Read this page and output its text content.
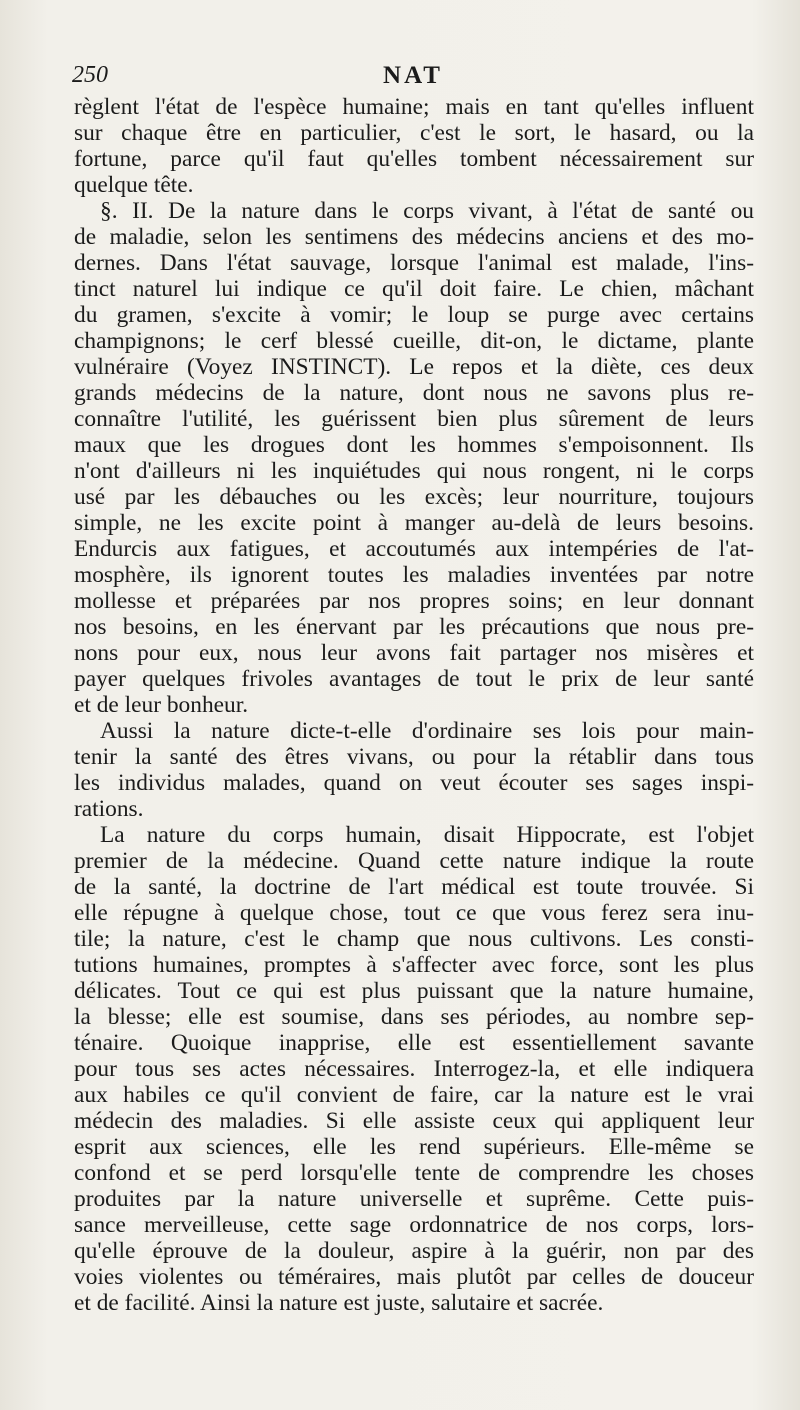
250	NAT
règlent l'état de l'espèce humaine; mais en tant qu'elles influent
sur chaque être en particulier, c'est le sort, le hasard, ou la
fortune, parce qu'il faut qu'elles tombent nécessairement sur
quelque tête.
§. II. De la nature dans le corps vivant, à l'état de santé ou
de maladie, selon les sentimens des médecins anciens et des mo-
dernes. Dans l'état sauvage, lorsque l'animal est malade, l'ins-
tinct naturel lui indique ce qu'il doit faire. Le chien, mâchant
du gramen, s'excite à vomir; le loup se purge avec certains
champignons; le cerf blessé cueille, dit-on, le dictame, plante
vulnéraire (Voyez INSTINCT). Le repos et la diète, ces deux
grands médecins de la nature, dont nous ne savons plus re-
connaître l'utilité, les guérissent bien plus sûrement de leurs
maux que les drogues dont les hommes s'empoisonnent. Ils
n'ont d'ailleurs ni les inquiétudes qui nous rongent, ni le corps
usé par les débauches ou les excès; leur nourriture, toujours
simple, ne les excite point à manger au-delà de leurs besoins.
Endurcis aux fatigues, et accoutumés aux intempéries de l'at-
mosphère, ils ignorent toutes les maladies inventées par notre
mollesse et préparées par nos propres soins; en leur donnant
nos besoins, en les énervant par les précautions que nous pre-
nons pour eux, nous leur avons fait partager nos misères et
payer quelques frivoles avantages de tout le prix de leur santé
et de leur bonheur.
Aussi la nature dicte-t-elle d'ordinaire ses lois pour main-
tenir la santé des êtres vivans, ou pour la rétablir dans tous
les individus malades, quand on veut écouter ses sages inspi-
rations.
La nature du corps humain, disait Hippocrate, est l'objet
premier de la médecine. Quand cette nature indique la route
de la santé, la doctrine de l'art médical est toute trouvée. Si
elle répugne à quelque chose, tout ce que vous ferez sera inu-
tile; la nature, c'est le champ que nous cultivons. Les consti-
tutions humaines, promptes à s'affecter avec force, sont les plus
délicates. Tout ce qui est plus puissant que la nature humaine,
la blesse; elle est soumise, dans ses périodes, au nombre sep-
ténaire. Quoique inapprise, elle est essentiellement savante
pour tous ses actes nécessaires. Interrogez-la, et elle indiquera
aux habiles ce qu'il convient de faire, car la nature est le vrai
médecin des maladies. Si elle assiste ceux qui appliquent leur
esprit aux sciences, elle les rend supérieurs. Elle-même se
confond et se perd lorsqu'elle tente de comprendre les choses
produites par la nature universelle et suprême. Cette puis-
sance merveilleuse, cette sage ordonnatrice de nos corps, lors-
qu'elle éprouve de la douleur, aspire à la guérir, non par des
voies violentes ou téméraires, mais plutôt par celles de douceur
et de facilité. Ainsi la nature est juste, salutaire et sacrée.
